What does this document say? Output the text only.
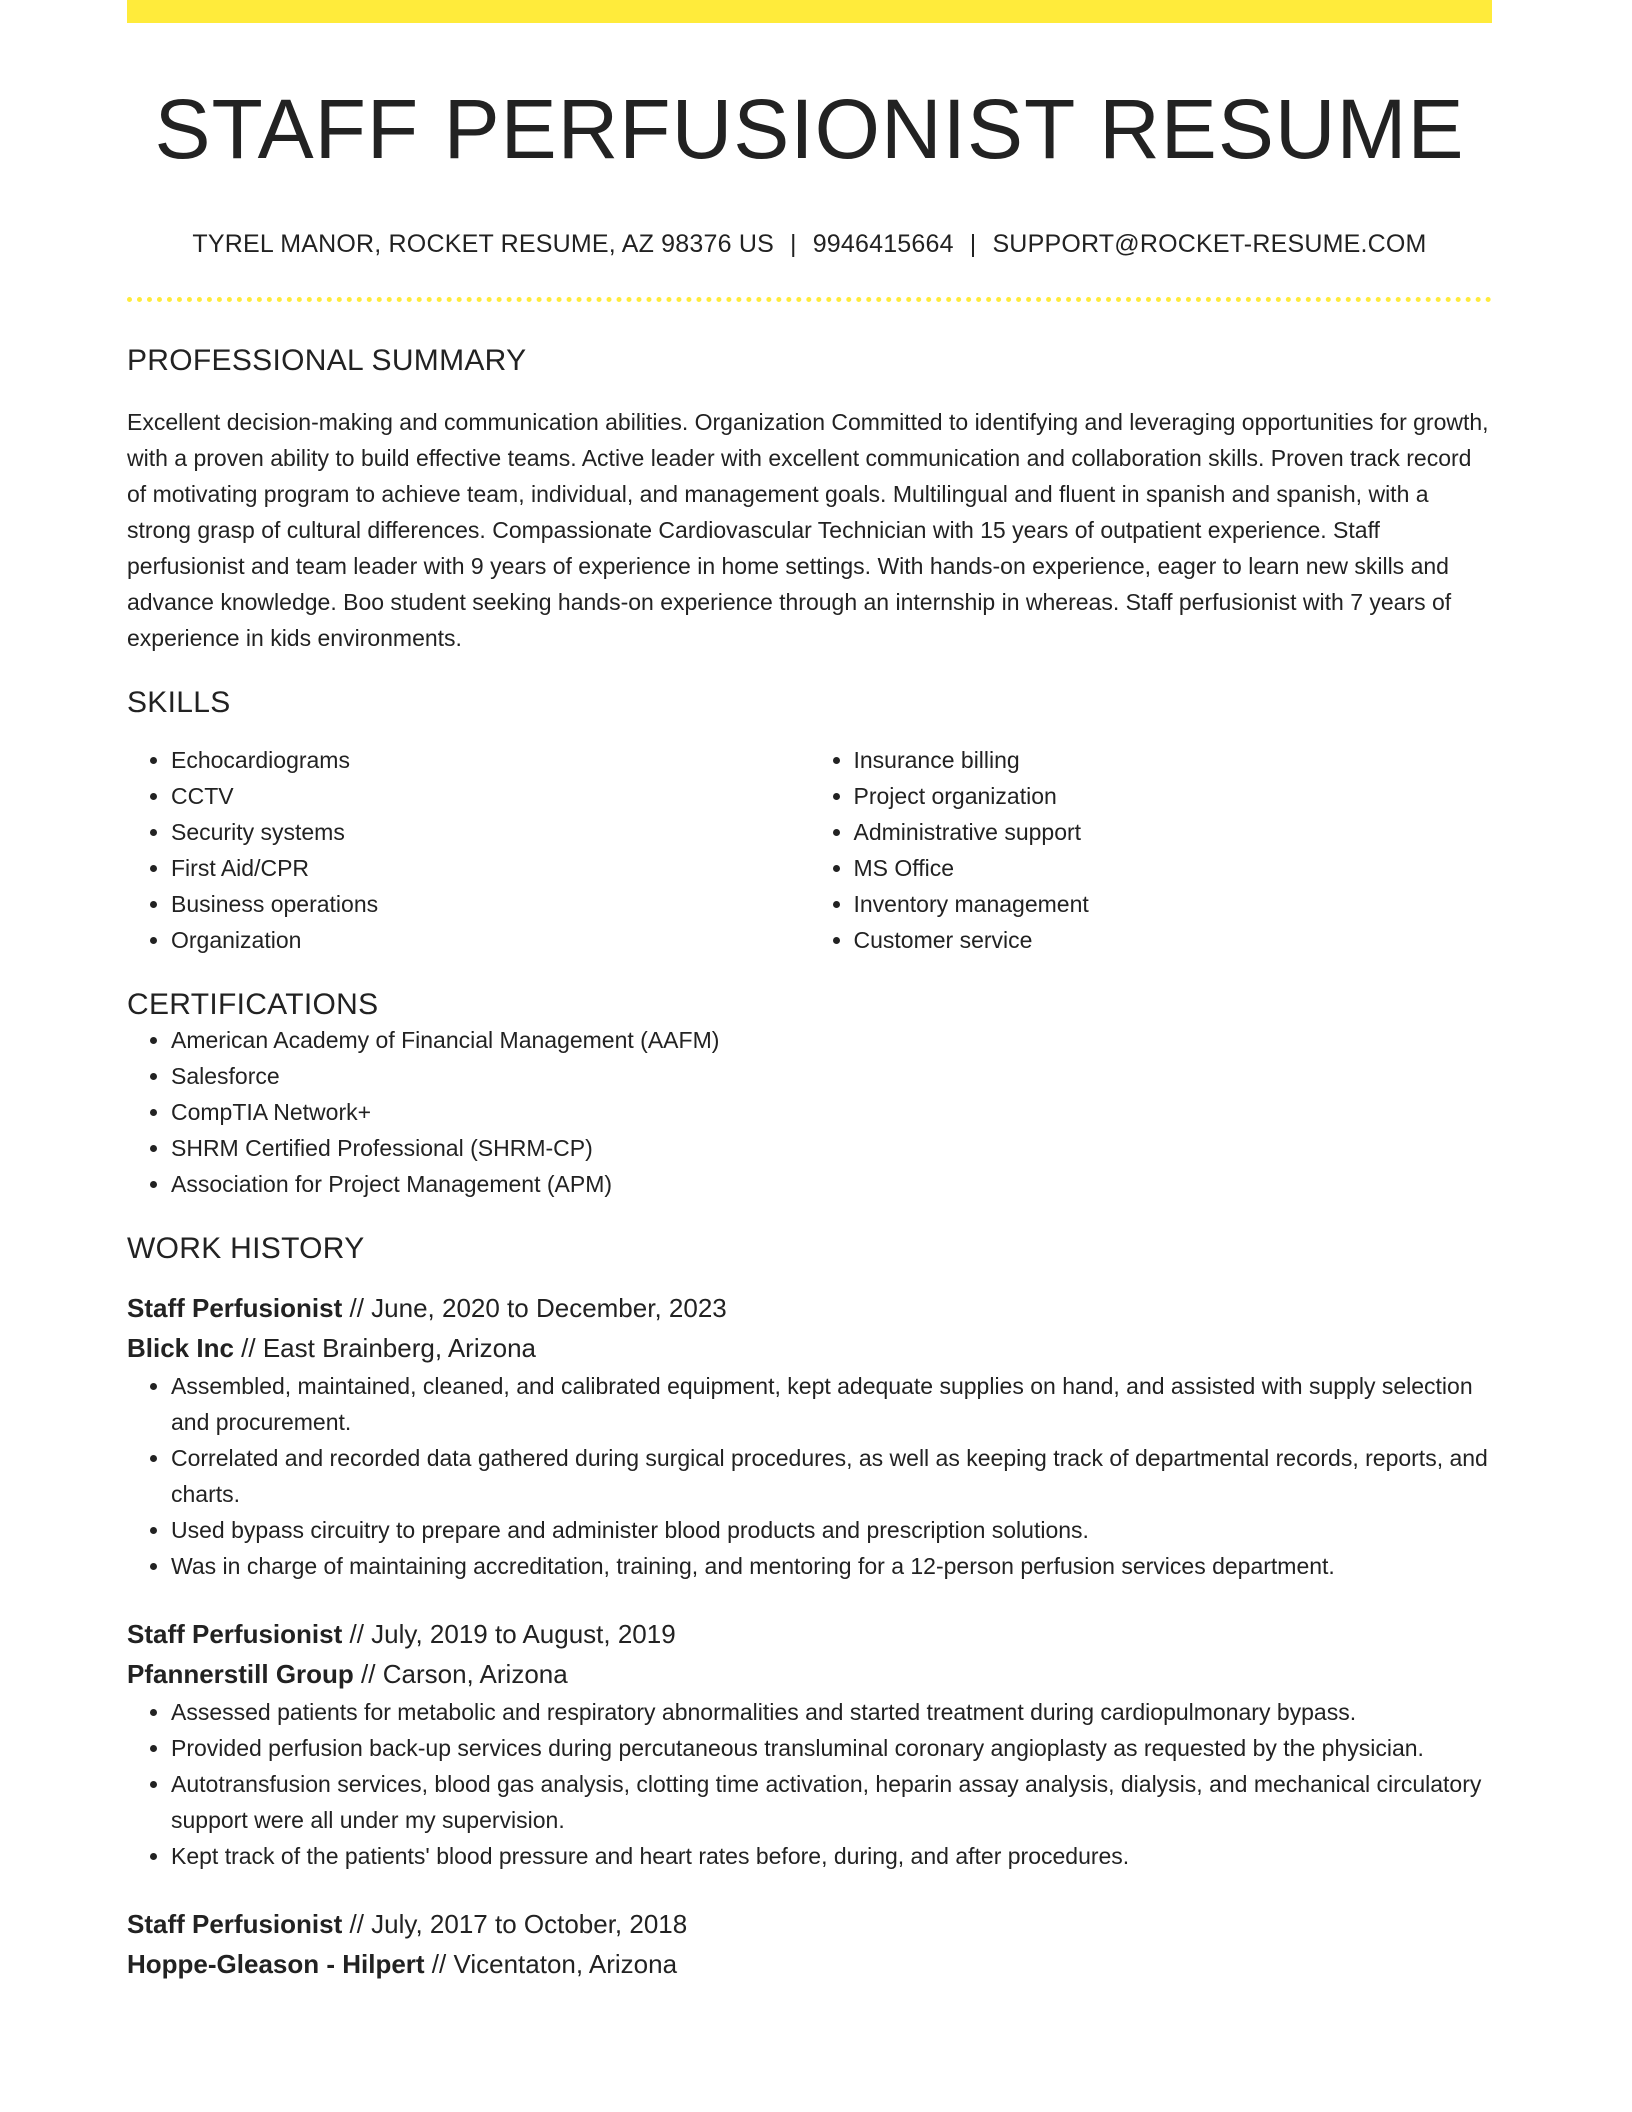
STAFF PERFUSIONIST RESUME
TYREL MANOR, ROCKET RESUME, AZ 98376 US | 9946415664 | SUPPORT@ROCKET-RESUME.COM
PROFESSIONAL SUMMARY

Excellent decision-making and communication abilities. Organization Committed to identifying and leveraging opportunities for growth, with a proven ability to build effective teams. Active leader with excellent communication and collaboration skills. Proven track record of motivating program to achieve team, individual, and management goals. Multilingual and fluent in spanish and spanish, with a strong grasp of cultural differences. Compassionate Cardiovascular Technician with 15 years of outpatient experience. Staff perfusionist and team leader with 9 years of experience in home settings. With hands-on experience, eager to learn new skills and advance knowledge. Boo student seeking hands-on experience through an internship in whereas. Staff perfusionist with 7 years of experience in kids environments.

SKILLS
• Echocardiograms
• CCTV
• Security systems
• First Aid/CPR
• Business operations
• Organization
• Insurance billing
• Project organization
• Administrative support
• MS Office
• Inventory management
• Customer service
CERTIFICATIONS
• American Academy of Financial Management (AAFM)
• Salesforce
• CompTIA Network+
• SHRM Certified Professional (SHRM-CP)
• Association for Project Management (APM)
WORK HISTORY
Staff Perfusionist // June, 2020 to December, 2023
Blick Inc // East Brainberg, Arizona
• Assembled, maintained, cleaned, and calibrated equipment, kept adequate supplies on hand, and assisted with supply selection and procurement.
• Correlated and recorded data gathered during surgical procedures, as well as keeping track of departmental records, reports, and charts.
• Used bypass circuitry to prepare and administer blood products and prescription solutions.
• Was in charge of maintaining accreditation, training, and mentoring for a 12-person perfusion services department.
Staff Perfusionist // July, 2019 to August, 2019
Pfannerstill Group // Carson, Arizona
• Assessed patients for metabolic and respiratory abnormalities and started treatment during cardiopulmonary bypass.
• Provided perfusion back-up services during percutaneous transluminal coronary angioplasty as requested by the physician.
• Autotransfusion services, blood gas analysis, clotting time activation, heparin assay analysis, dialysis, and mechanical circulatory support were all under my supervision.
• Kept track of the patients' blood pressure and heart rates before, during, and after procedures.
Staff Perfusionist // July, 2017 to October, 2018
Hoppe-Gleason - Hilpert // Vicentaton, Arizona
